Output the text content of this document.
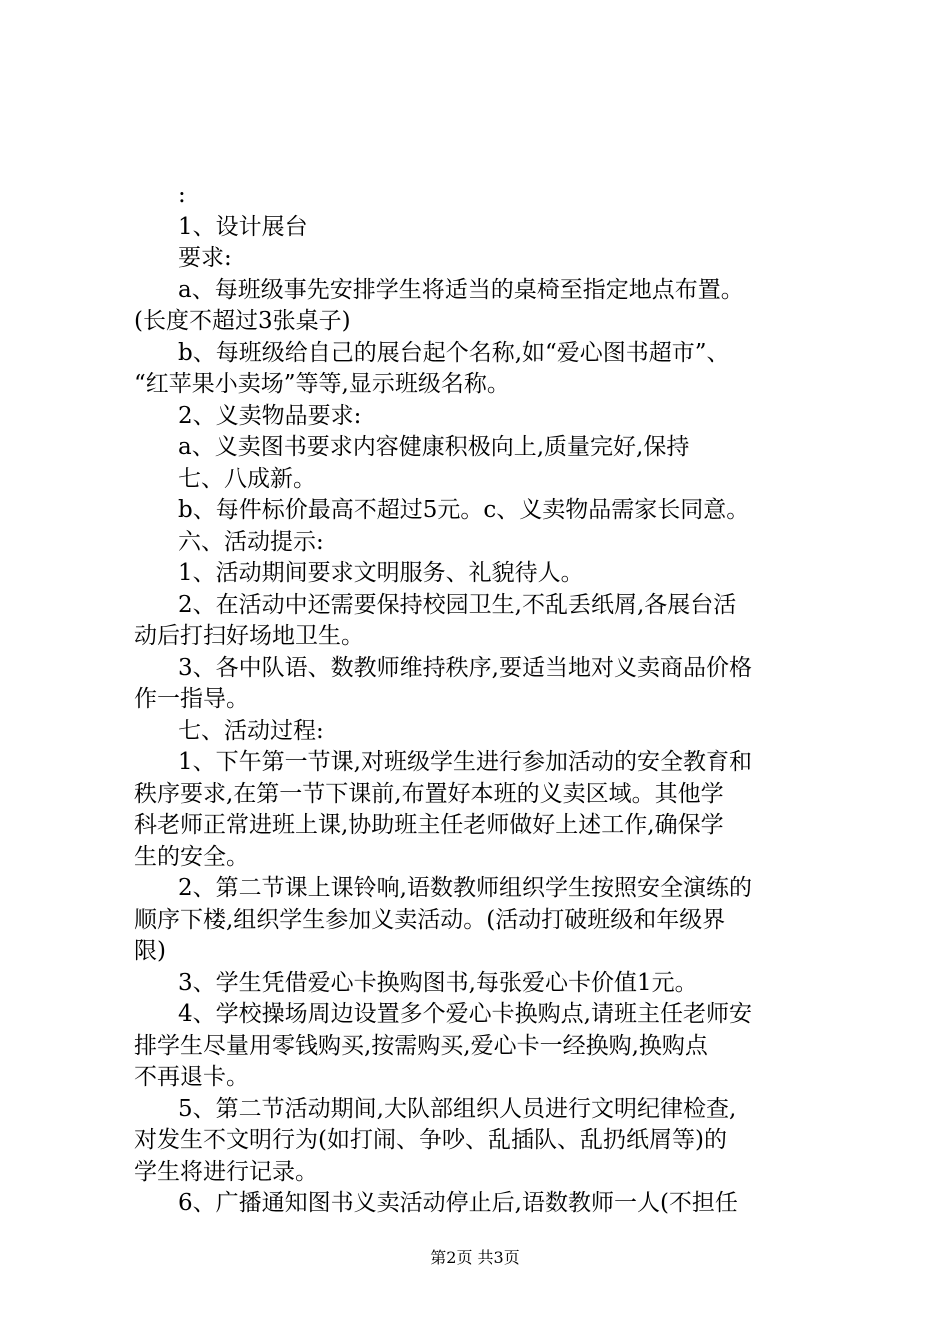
:
1、设计展台
要求:
a、每班级事先安排学生将适当的桌椅至指定地点布置。
(长度不超过3张桌子)
b、每班级给自己的展台起个名称,如“爱心图书超市”、
“红苹果小卖场”等等,显示班级名称。
2、义卖物品要求:
a、义卖图书要求内容健康积极向上,质量完好,保持
七、八成新。
b、每件标价最高不超过5元。c、义卖物品需家长同意。
六、活动提示:
1、活动期间要求文明服务、礼貌待人。
2、在活动中还需要保持校园卫生,不乱丢纸屑,各展台活
动后打扫好场地卫生。
3、各中队语、数教师维持秩序,要适当地对义卖商品价格
作一指导。
七、活动过程:
1、下午第一节课,对班级学生进行参加活动的安全教育和
秩序要求,在第一节下课前,布置好本班的义卖区域。其他学
科老师正常进班上课,协助班主任老师做好上述工作,确保学
生的安全。
2、第二节课上课铃响,语数教师组织学生按照安全演练的
顺序下楼,组织学生参加义卖活动。(活动打破班级和年级界
限)
3、学生凭借爱心卡换购图书,每张爱心卡价值1元。
4、学校操场周边设置多个爱心卡换购点,请班主任老师安
排学生尽量用零钱购买,按需购买,爱心卡一经换购,换购点
不再退卡。
5、第二节活动期间,大队部组织人员进行文明纪律检查,
对发生不文明行为(如打闹、争吵、乱插队、乱扔纸屑等)的
学生将进行记录。
6、广播通知图书义卖活动停止后,语数教师一人(不担任
第2页 共3页
